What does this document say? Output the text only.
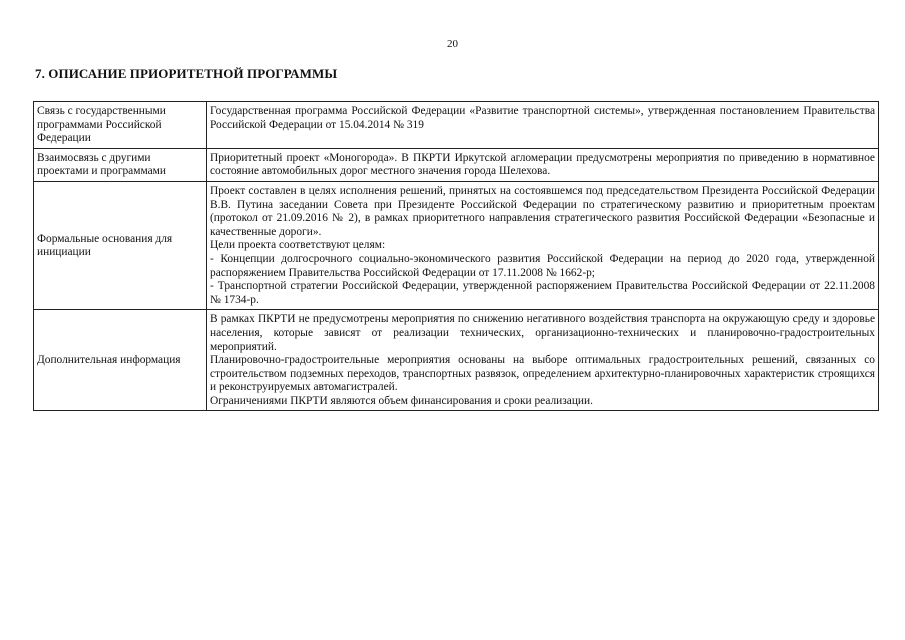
20
7. ОПИСАНИЕ ПРИОРИТЕТНОЙ ПРОГРАММЫ
Связь с государственными программами Российской Федерации	Государственная программа Российской Федерации «Развитие транспортной системы», утвержденная постановлением Правительства Российской Федерации от 15.04.2014 № 319

Взаимосвязь с другими проектами и программами	Приоритетный проект «Моногорода». В ПКРТИ Иркутской агломерации предусмотрены мероприятия по приведению в нормативное состояние автомобильных дорог местного значения города Шелехова.

Формальные основания для инициации	Проект составлен в целях исполнения решений, принятых на состоявшемся под председательством Президента Российской Федерации В.В. Путина заседании Совета при Президенте Российской Федерации по стратегическому развитию и приоритетным проектам (протокол от 21.09.2016 № 2), в рамках приоритетного направления стратегического развития Российской Федерации «Безопасные и качественные дороги».
Цели проекта соответствуют целям:
- Концепции долгосрочного социально-экономического развития Российской Федерации на период до 2020 года, утвержденной распоряжением Правительства Российской Федерации от 17.11.2008 № 1662-р;
- Транспортной стратегии Российской Федерации, утвержденной распоряжением Правительства Российской Федерации от 22.11.2008 № 1734-р.

Дополнительная информация	В рамках ПКРТИ не предусмотрены мероприятия по снижению негативного воздействия транспорта на окружающую среду и здоровье населения, которые зависят от реализации технических, организационно-технических и планировочно-градостроительных мероприятий.
Планировочно-градостроительные мероприятия основаны на выборе оптимальных градостроительных решений, связанных со строительством подземных переходов, транспортных развязок, определением архитектурно-планировочных характеристик строящихся и реконструируемых автомагистралей.
Ограничениями ПКРТИ являются объем финансирования и сроки реализации.
